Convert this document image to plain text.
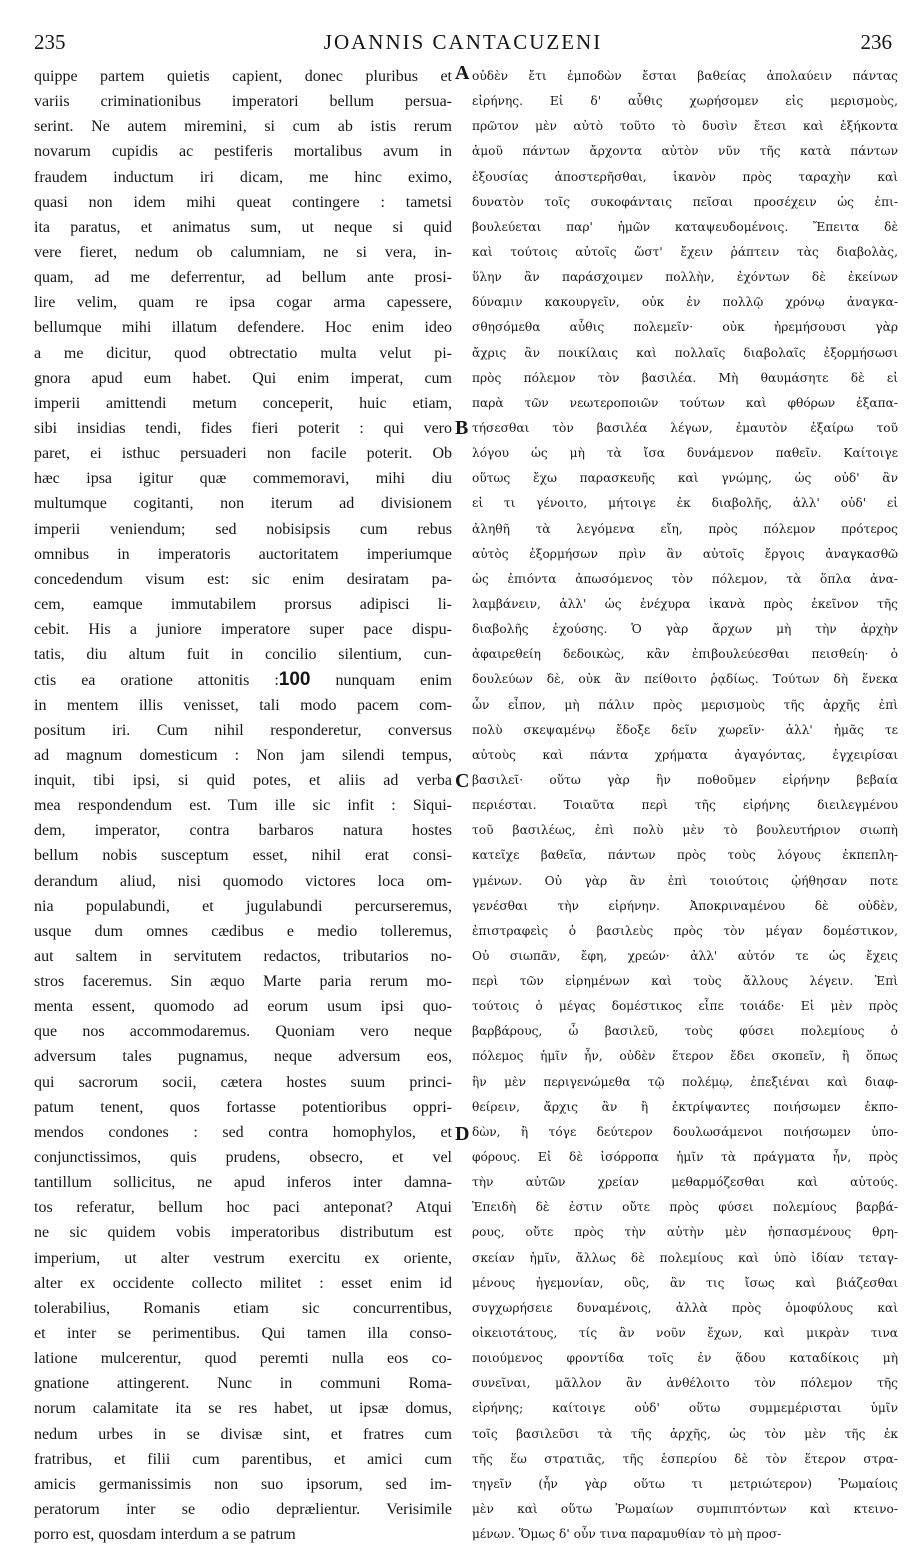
235	JOANNIS CANTACUZENI	236
quippe partem quietis capient, donec pluribus et
variis criminationibus imperatori bellum persua-
serint. Ne autem miremini, si cum ab istis rerum
novarum cupidis ac pestiferis mortalibus avum in
fraudem inductum iri dicam, me hinc eximo,
quasi non idem mihi queat contingere : tametsi
ita paratus, et animatus sum, ut neque si quid
vere fieret, nedum ob calumniam, ne si vera, in-
quam, ad me deferrentur, ad bellum ante prosi-
lire velim, quam re ipsa cogar arma capessere,
bellumque mihi illatum defendere. Hoc enim ideo
a me dicitur, quod obtrectatio multa velut pi-
gnora apud eum habet. Qui enim imperat, cum
imperii amittendi metum conceperit, huic etiam,
sibi insidias tendi, fides fieri poterit : qui vero
paret, ei isthuc persuaderi non facile poterit. Ob
hæc ipsa igitur quæ commemoravi, mihi diu
multumque cogitanti, non iterum ad divisionem
imperii veniendum; sed nobisipsis cum rebus
omnibus in imperatoris auctoritatem imperiumque
concedendum visum est: sic enim desiratam pa-
cem, eamque immutabilem prorsus adipisci li-
cebit. His a juniore imperatore super pace dispu-
tatis, diu altum fuit in concilio silentium, cun-
ctis ea oratione attonitis :100 nunquam enim
in mentem illis venisset, tali modo pacem com-
positum iri. Cum nihil responderetur, conversus
ad magnum domesticum : Non jam silendi tempus,
inquit, tibi ipsi, si quid potes, et aliis ad verba
mea respondendum est. Tum ille sic infit : Siqui-
dem, imperator, contra barbaros natura hostes
bellum nobis susceptum esset, nihil erat consi-
derandum aliud, nisi quomodo victores loca om-
nia populabundi, et jugulabundi percurseremus,
usque dum omnes cædibus e medio tolleremus,
aut saltem in servitutem redactos, tributarios no-
stros faceremus. Sin æquo Marte paria rerum mo-
menta essent, quomodo ad eorum usum ipsi quo-
que nos accommodaremus. Quoniam vero neque
adversum tales pugnamus, neque adversum eos,
qui sacrorum socii, cætera hostes suum princi-
patum tenent, quos fortasse potentioribus oppri-
mendos condones : sed contra homophylos, et
conjunctissimos, quis prudens, obsecro, et vel
tantillum sollicitus, ne apud inferos inter damna-
tos referatur, bellum hoc paci anteponat? Atqui
ne sic quidem vobis imperatoribus distributum est
imperium, ut alter vestrum exercitu ex oriente,
alter ex occidente collecto militet : esset enim id
tolerabilius, Romanis etiam sic concurrentibus,
et inter se perimentibus. Qui tamen illa conso-
latione mulcerentur, quod peremti nulla eos co-
gnatione attingerent. Nunc in communi Roma-
norum calamitate ita se res habet, ut ipsæ domus,
nedum urbes in se divisæ sint, et fratres cum
fratribus, et filii cum parentibus, et amici cum
amicis germanissimis non suo ipsorum, sed im-
peratorum inter se odio deprælientur. Verisimile
porro est, quosdam interdum a se patrum
οὐδὲν ἔτι ἐμποδὼν ἔσται βαθείας ἀπολαύειν πάντας
εἰρήνης. Εἰ δ' αὖθις χωρήσομεν εἰς μερισμοὺς,
πρῶτον μὲν αὐτὸ τοῦτο τὸ δυσὶν ἔτεσι καὶ ἑξήκοντα
ἁμοῦ πάντων ἄρχοντα αὐτὸν νῦν τῆς κατὰ πάντων
ἐξουσίας ἀποστερῆσθαι, ἱκανὸν πρὸς ταραχὴν καὶ
δυνατὸν τοῖς συκοφάνταις πεῖσαι προσέχειν ὡς ἐπι-
βουλεύεται παρ' ἡμῶν καταψευδομένοις. Ἔπειτα δὲ
καὶ τούτοις αὐτοῖς ὥστ' ἔχειν ῥάπτειν τὰς διαβολὰς,
ὕλην ἂν παράσχοιμεν πολλὴν, ἐχόντων δὲ ἐκείνων
δύναμιν κακουργεῖν, οὐκ ἐν πολλῷ χρόνῳ ἀναγκα-
σθησόμεθα αὖθις πολεμεῖν· οὐκ ἠρεμήσουσι γὰρ
ἄχρις ἂν ποικίλαις καὶ πολλαῖς διαβολαῖς ἐξορμήσωσι
πρὸς πόλεμον τὸν βασιλέα. Μὴ θαυμάσητε δὲ εἰ
παρὰ τῶν νεωτεροποιῶν τούτων καὶ φθόρων ἐξαπα-
τήσεσθαι τὸν βασιλέα λέγων, ἐμαυτὸν ἐξαίρω τοῦ
λόγου ὡς μὴ τὰ ἴσα δυνάμενον παθεῖν. Καίτοιγε
οὕτως ἔχω παρασκευῆς καὶ γνώμης, ὡς οὐδ' ἂν
εἰ τι γένοιτο, μήτοιγε ἐκ διαβολῆς, ἀλλ' οὐδ' εἰ
ἀληθῆ τὰ λεγόμενα εἴη, πρὸς πόλεμον πρότερος
αὐτὸς ἐξορμήσων πρὶν ἂν αὐτοῖς ἔργοις ἀναγκασθῶ
ὡς ἐπιόντα ἀπωσόμενος τὸν πόλεμον, τὰ ὅπλα ἀνα-
λαμβάνειν, ἀλλ' ὡς ἐνέχυρα ἱκανὰ πρὸς ἐκεῖνον τῆς
διαβολῆς ἐχούσης. Ὁ γὰρ ἄρχων μὴ τὴν ἀρχὴν
ἀφαιρεθείη δεδοικὼς, κἂν ἐπιβουλεύεσθαι πεισθείη· ὁ
δουλεύων δὲ, οὐκ ἂν πείθοιτο ῥᾳδίως. Τούτων δὴ ἕνεκα
ὧν εἶπον, μὴ πάλιν πρὸς μερισμοὺς τῆς ἀρχῆς ἐπὶ
πολὺ σκεψαμένῳ ἔδοξε δεῖν χωρεῖν· ἀλλ' ἡμᾶς τε
αὐτοὺς καὶ πάντα χρήματα ἀγαγόντας, ἐγχειρίσαι
βασιλεῖ· οὕτω γὰρ ἣν ποθοῦμεν εἰρήνην βεβαία
περιέσται. Τοιαῦτα περὶ τῆς εἰρήνης διειλεγμένου
τοῦ βασιλέως, ἐπὶ πολὺ μὲν τὸ βουλευτήριον σιωπὴ
κατεῖχε βαθεῖα, πάντων πρὸς τοὺς λόγους ἐκπεπλη-
γμένων. Οὐ γὰρ ἂν ἐπὶ τοιούτοις ᾠήθησαν ποτε
γενέσθαι τὴν εἰρήνην. Ἀποκριναμένου δὲ οὐδὲν,
ἐπιστραφεὶς ὁ βασιλεὺς πρὸς τὸν μέγαν δομέστικον,
Οὐ σιωπᾶν, ἔφη, χρεών· ἀλλ' αὐτόν τε ὡς ἔχεις
περὶ τῶν εἰρημένων καὶ τοὺς ἄλλους λέγειν. Ἐπὶ
τούτοις ὁ μέγας δομέστικος εἶπε τοιάδε· Εἰ μὲν πρὸς
βαρβάρους, ὦ βασιλεῦ, τοὺς φύσει πολεμίους ὁ
πόλεμος ἡμῖν ἦν, οὐδὲν ἕτερον ἔδει σκοπεῖν, ἢ ὅπως
ἣν μὲν περιγενώμεθα τῷ πολέμῳ, ἐπεξιέναι καὶ διαφ-
θείρειν, ἄρχις ἂν ἢ ἐκτρίψαντες ποιήσωμεν ἐκπο-
δὼν, ἢ τόγε δεύτερον δουλωσάμενοι ποιήσωμεν ὑπο-
φόρους. Εἰ δὲ ἰσόρροπα ἡμῖν τὰ πράγματα ἦν, πρὸς
τὴν αὐτῶν χρείαν μεθαρμόζεσθαι καὶ αὐτούς.
Ἐπειδὴ δὲ ἐστιν οὔτε πρὸς φύσει πολεμίους βαρβά-
ρους, οὔτε πρὸς τὴν αὐτὴν μὲν ἡσπασμένους θρη-
σκείαν ἡμῖν, ἄλλως δὲ πολεμίους καὶ ὑπὸ ἰδίαν τεταγ-
μένους ἡγεμονίαν, οὓς, ἂν τις ἴσως καὶ βιάζεσθαι
συγχωρήσειε δυναμένοις, ἀλλὰ πρὸς ὁμοφύλους καὶ
οἰκειοτάτους, τίς ἂν νοῦν ἔχων, καὶ μικρὰν τινα
ποιούμενος φροντίδα τοῖς ἐν ᾅδου καταδίκοις μὴ
συνεῖναι, μᾶλλον ἂν ἀνθέλοιτο τὸν πόλεμον τῆς
εἰρήνης; καίτοιγε οὐδ' οὕτω συμμεμέρισται ὑμῖν
τοῖς βασιλεῦσι τὰ τῆς ἀρχῆς, ὡς τὸν μὲν τῆς ἐκ
τῆς ἕω στρατιᾶς, τῆς ἑσπερίου δὲ τὸν ἕτερον στρα-
τηγεῖν (ἦν γὰρ οὕτω τι μετριώτερον) Ῥωμαίοις
μὲν καὶ οὕτω Ῥωμαίων συμπιπτόντων καὶ κτεινο-
μένων. Ὅμως δ' οὖν τινα παραμυθίαν τὸ μὴ προσ-
A
B
C
D
